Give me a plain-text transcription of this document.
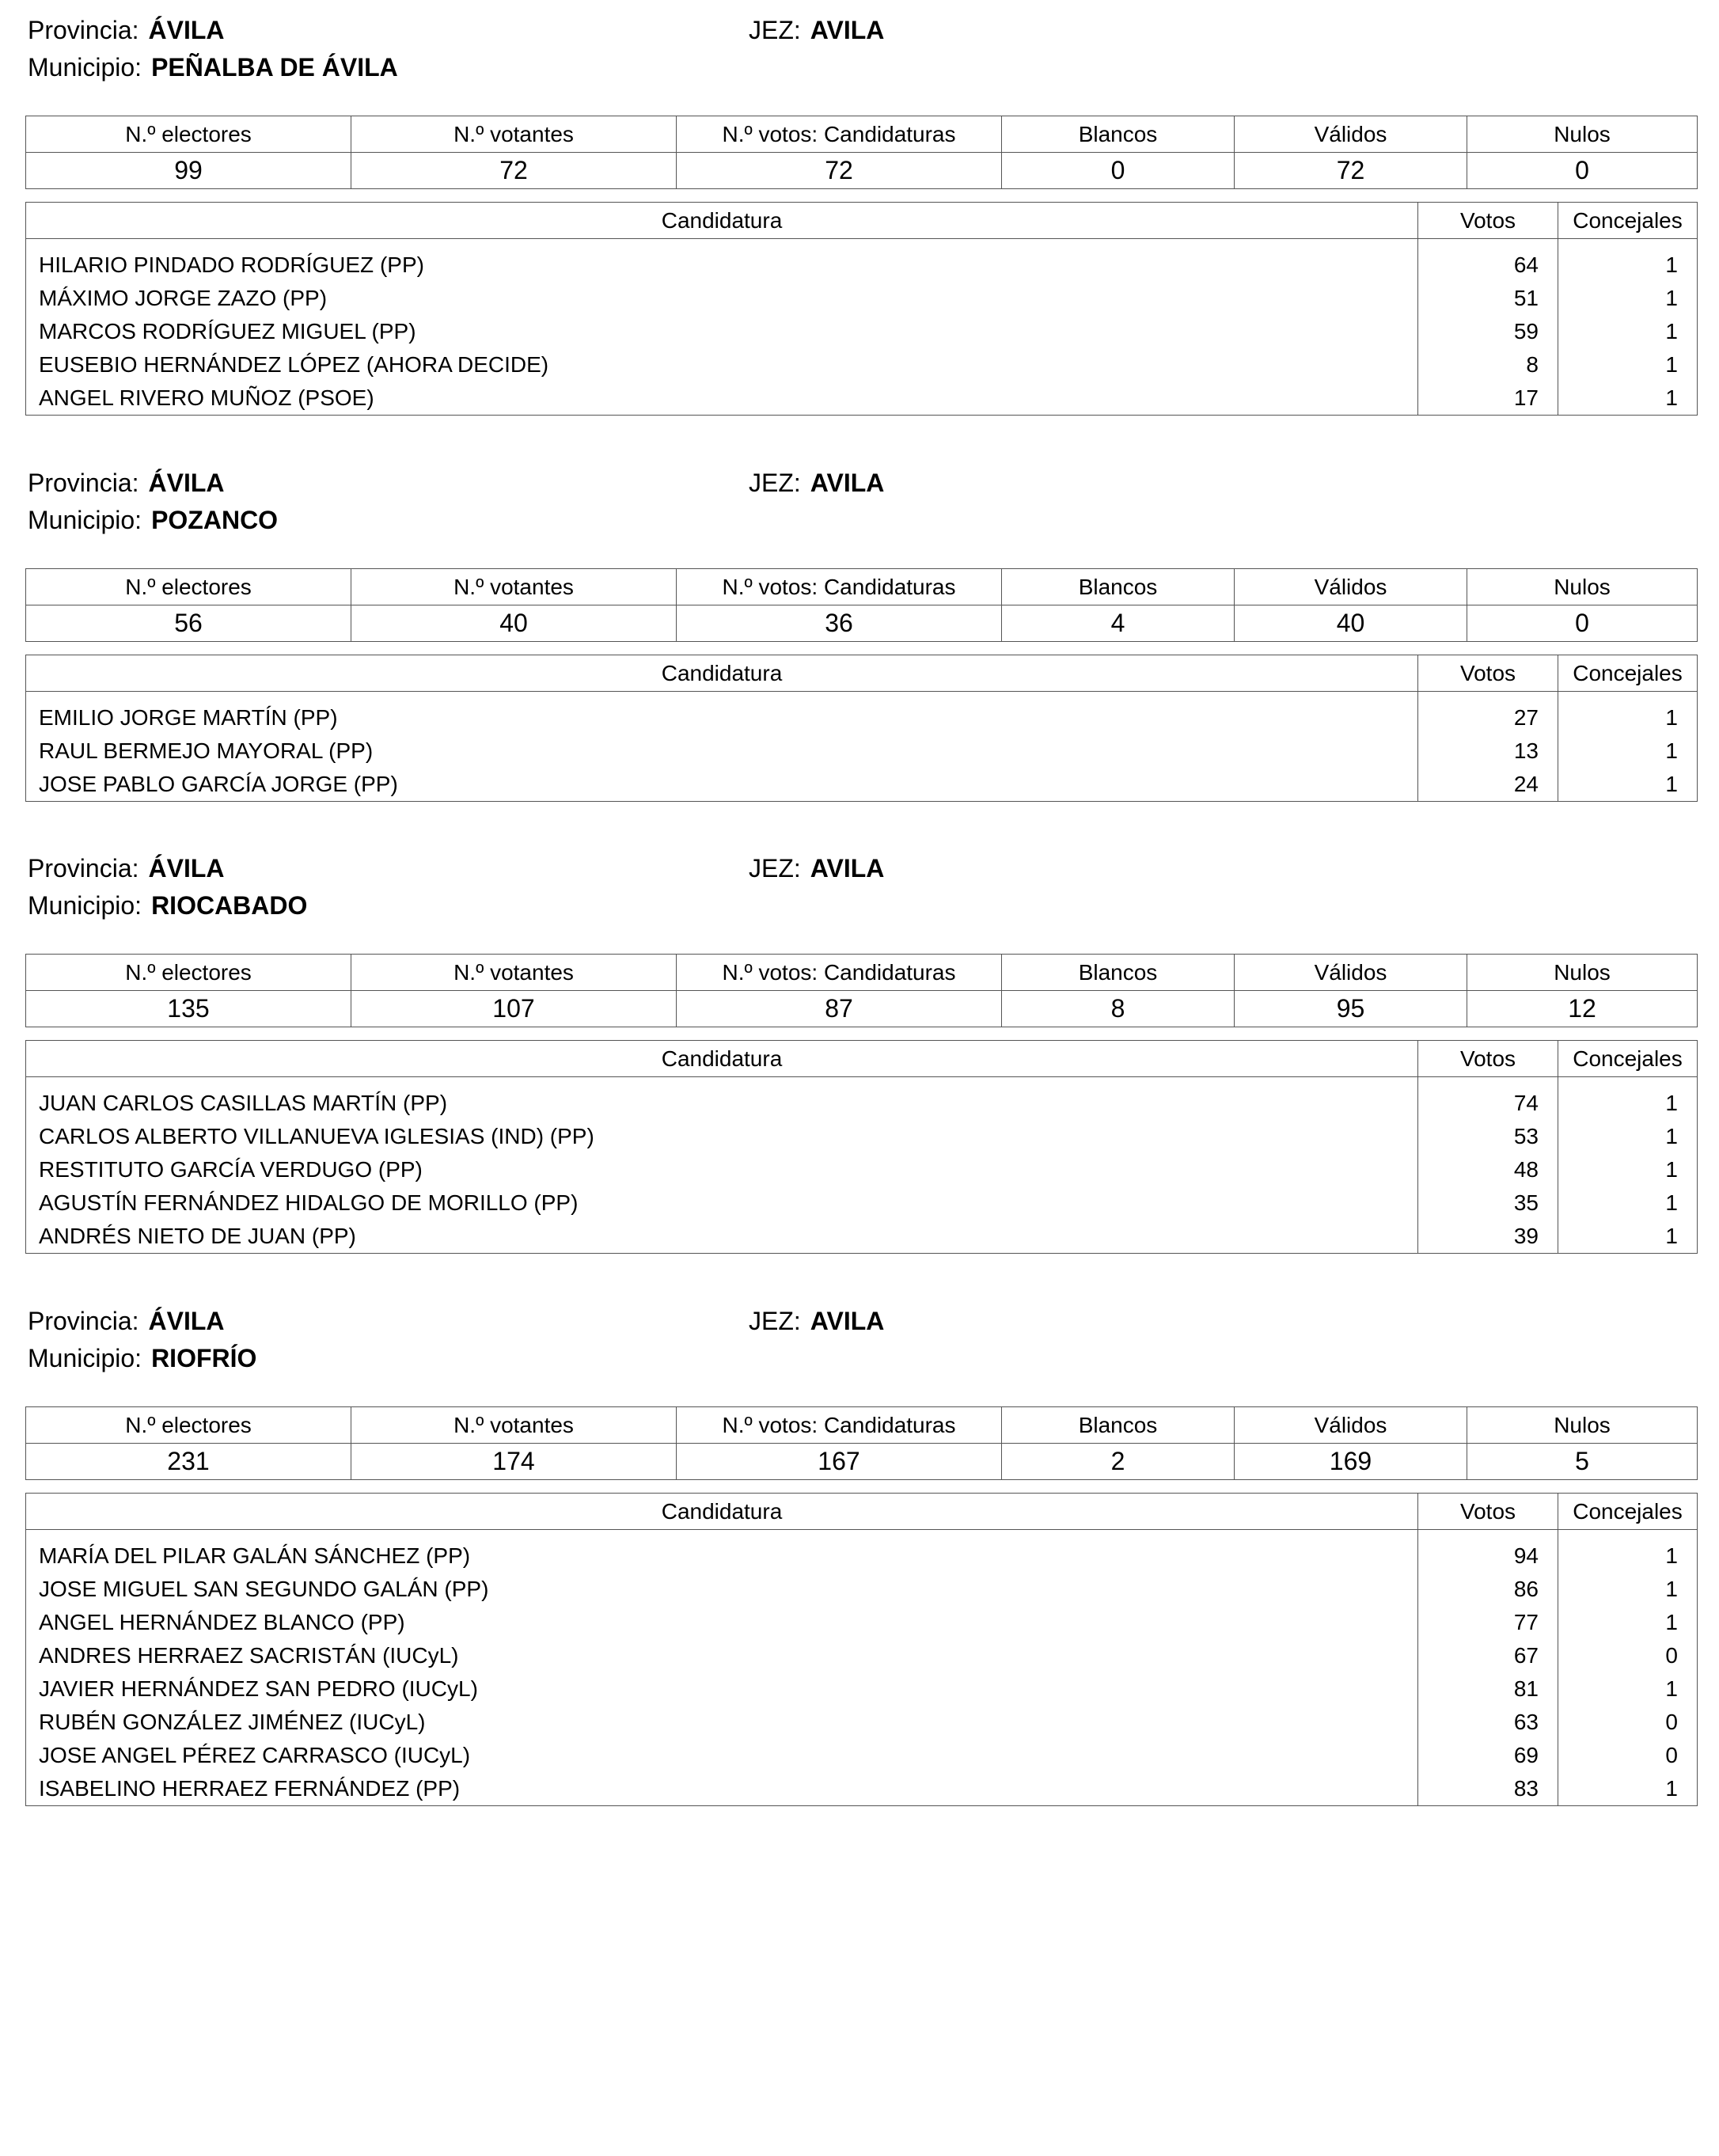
Provincia: ÁVILA	JEZ: AVILA
Municipio: PEÑALBA DE ÁVILA
N.º electores	N.º votantes	N.º votos: Candidaturas	Blancos	Válidos	Nulos
99	72	72	0	72	0
Candidatura	Votos	Concejales

HILARIO PINDADO RODRÍGUEZ (PP)	64	1
MÁXIMO JORGE ZAZO (PP)	51	1
MARCOS RODRÍGUEZ MIGUEL (PP)	59	1
EUSEBIO HERNÁNDEZ LÓPEZ (AHORA DECIDE)	8	1
ANGEL RIVERO MUÑOZ (PSOE)	17	1
Provincia: ÁVILA	JEZ: AVILA
Municipio: POZANCO
N.º electores	N.º votantes	N.º votos: Candidaturas	Blancos	Válidos	Nulos
56	40	36	4	40	0
Candidatura	Votos	Concejales

EMILIO JORGE MARTÍN (PP)	27	1
RAUL BERMEJO MAYORAL (PP)	13	1
JOSE PABLO GARCÍA JORGE (PP)	24	1
Provincia: ÁVILA	JEZ: AVILA
Municipio: RIOCABADO
N.º electores	N.º votantes	N.º votos: Candidaturas	Blancos	Válidos	Nulos
135	107	87	8	95	12
Candidatura	Votos	Concejales

JUAN CARLOS CASILLAS MARTÍN (PP)	74	1
CARLOS ALBERTO VILLANUEVA IGLESIAS (IND) (PP)	53	1
RESTITUTO GARCÍA VERDUGO (PP)	48	1
AGUSTÍN FERNÁNDEZ HIDALGO DE MORILLO (PP)	35	1
ANDRÉS NIETO DE JUAN (PP)	39	1
Provincia: ÁVILA	JEZ: AVILA
Municipio: RIOFRÍO
N.º electores	N.º votantes	N.º votos: Candidaturas	Blancos	Válidos	Nulos
231	174	167	2	169	5
Candidatura	Votos	Concejales

MARÍA DEL PILAR GALÁN SÁNCHEZ (PP)	94	1
JOSE MIGUEL SAN SEGUNDO GALÁN (PP)	86	1
ANGEL HERNÁNDEZ BLANCO (PP)	77	1
ANDRES HERRAEZ SACRISTÁN (IUCyL)	67	0
JAVIER HERNÁNDEZ SAN PEDRO (IUCyL)	81	1
RUBÉN GONZÁLEZ JIMÉNEZ (IUCyL)	63	0
JOSE ANGEL PÉREZ CARRASCO (IUCyL)	69	0
ISABELINO HERRAEZ FERNÁNDEZ (PP)	83	1
